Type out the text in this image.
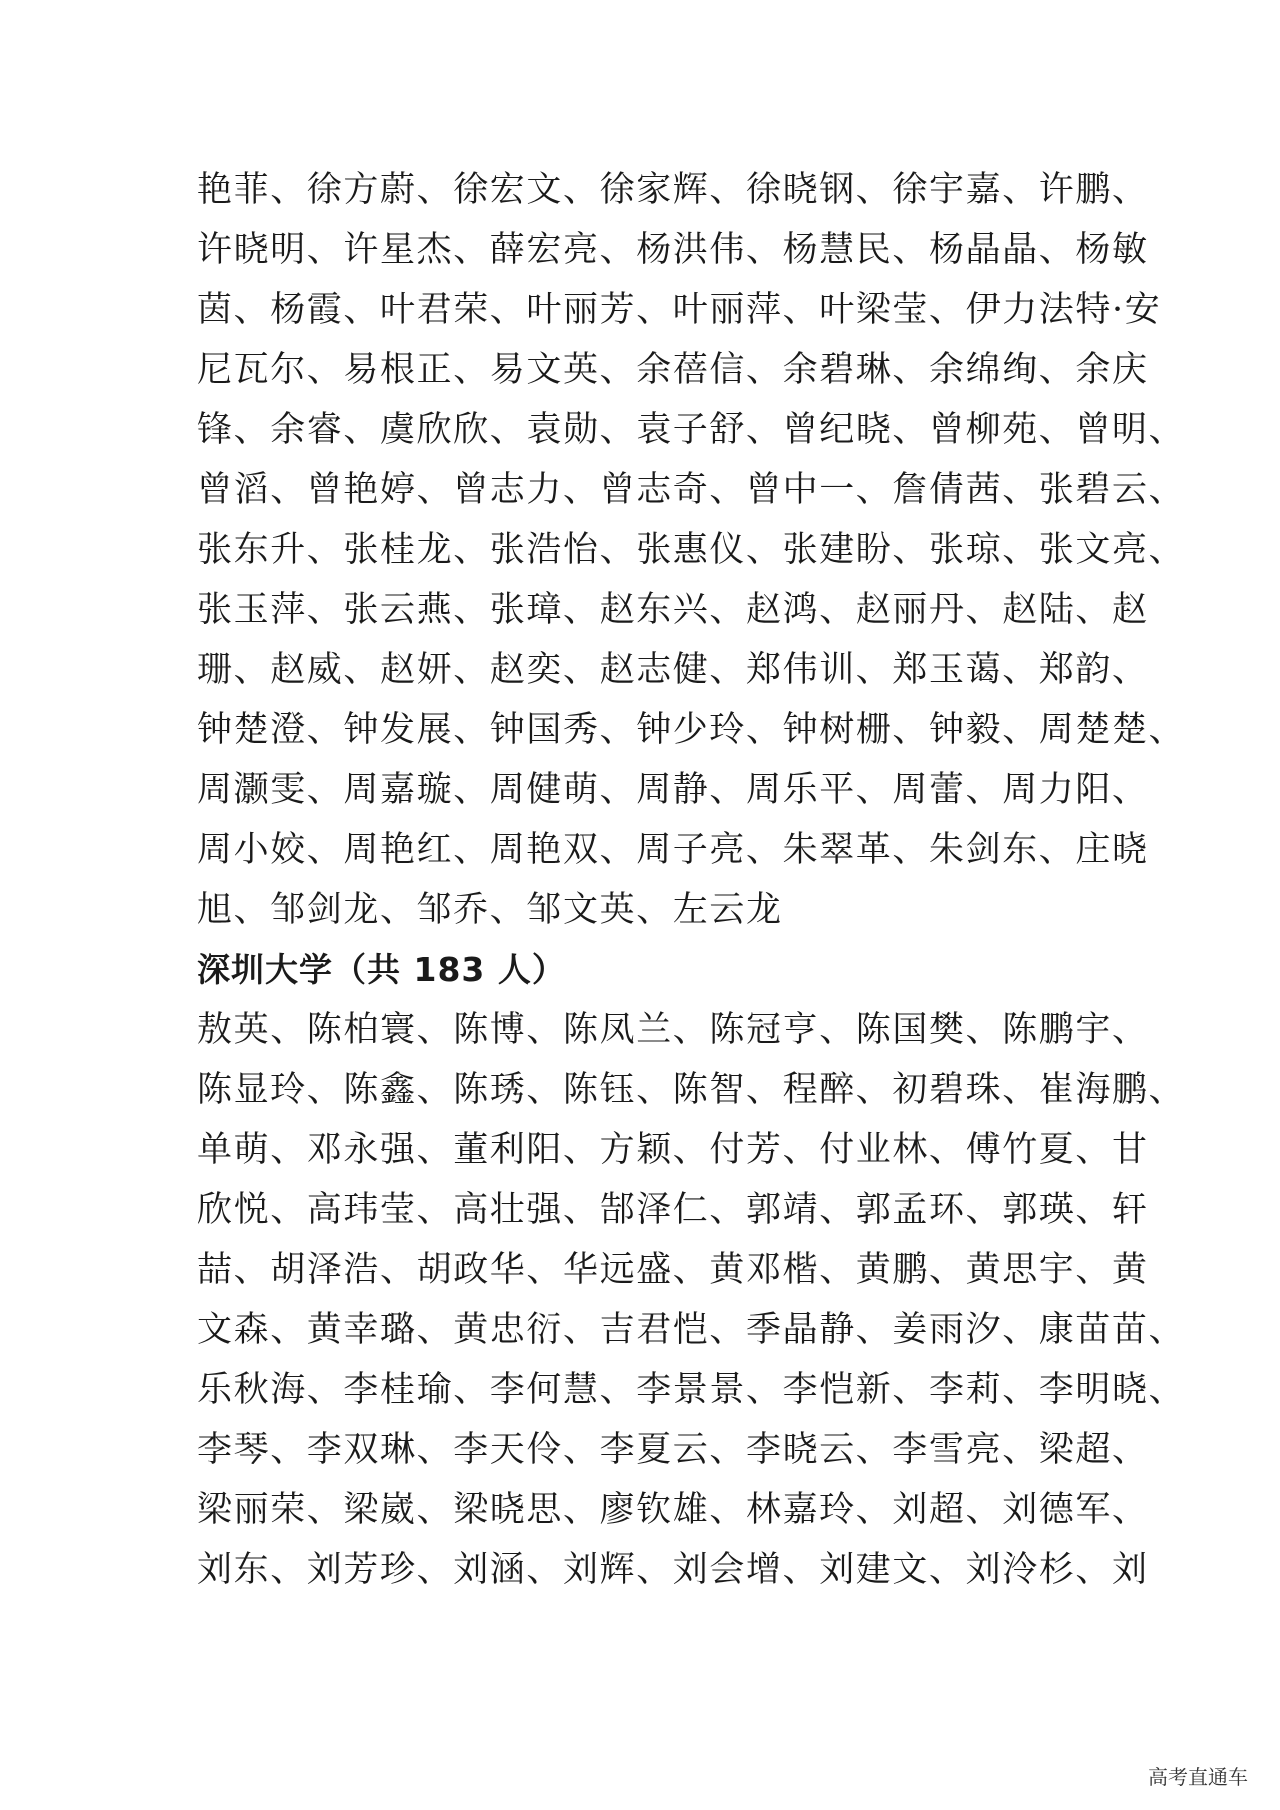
艳菲、徐方蔚、徐宏文、徐家辉、徐晓钢、徐宇嘉、许鹏、
许晓明、许星杰、薛宏亮、杨洪伟、杨慧民、杨晶晶、杨敏
茵、杨霞、叶君荣、叶丽芳、叶丽萍、叶梁莹、伊力法特·安
尼瓦尔、易根正、易文英、余蓓信、余碧琳、余绵绚、余庆
锋、余睿、虞欣欣、袁勋、袁子舒、曾纪晓、曾柳苑、曾明、
曾滔、曾艳婷、曾志力、曾志奇、曾中一、詹倩茜、张碧云、
张东升、张桂龙、张浩怡、张惠仪、张建盼、张琼、张文亮、
张玉萍、张云燕、张璋、赵东兴、赵鸿、赵丽丹、赵陆、赵
珊、赵威、赵妍、赵奕、赵志健、郑伟训、郑玉蔼、郑韵、
钟楚澄、钟发展、钟国秀、钟少玲、钟树栅、钟毅、周楚楚、
周灏雯、周嘉璇、周健萌、周静、周乐平、周蕾、周力阳、
周小姣、周艳红、周艳双、周子亮、朱翠革、朱剑东、庄晓
旭、邹剑龙、邹乔、邹文英、左云龙
深圳大学（共 183 人）
敖英、陈柏寰、陈博、陈凤兰、陈冠亨、陈国樊、陈鹏宇、
陈显玲、陈鑫、陈琇、陈钰、陈智、程醉、初碧珠、崔海鹏、
单萌、邓永强、董利阳、方颖、付芳、付业林、傅竹夏、甘
欣悦、高玮莹、高壮强、郜泽仁、郭靖、郭孟环、郭瑛、轩
喆、胡泽浩、胡政华、华远盛、黄邓楷、黄鹏、黄思宇、黄
文森、黄幸璐、黄忠衍、吉君恺、季晶静、姜雨汐、康苗苗、
乐秋海、李桂瑜、李何慧、李景景、李恺新、李莉、李明晓、
李琴、李双琳、李天伶、李夏云、李晓云、李雪亮、梁超、
梁丽荣、梁崴、梁晓思、廖钦雄、林嘉玲、刘超、刘德军、
刘东、刘芳珍、刘涵、刘辉、刘会增、刘建文、刘泠杉、刘
高考直通车
